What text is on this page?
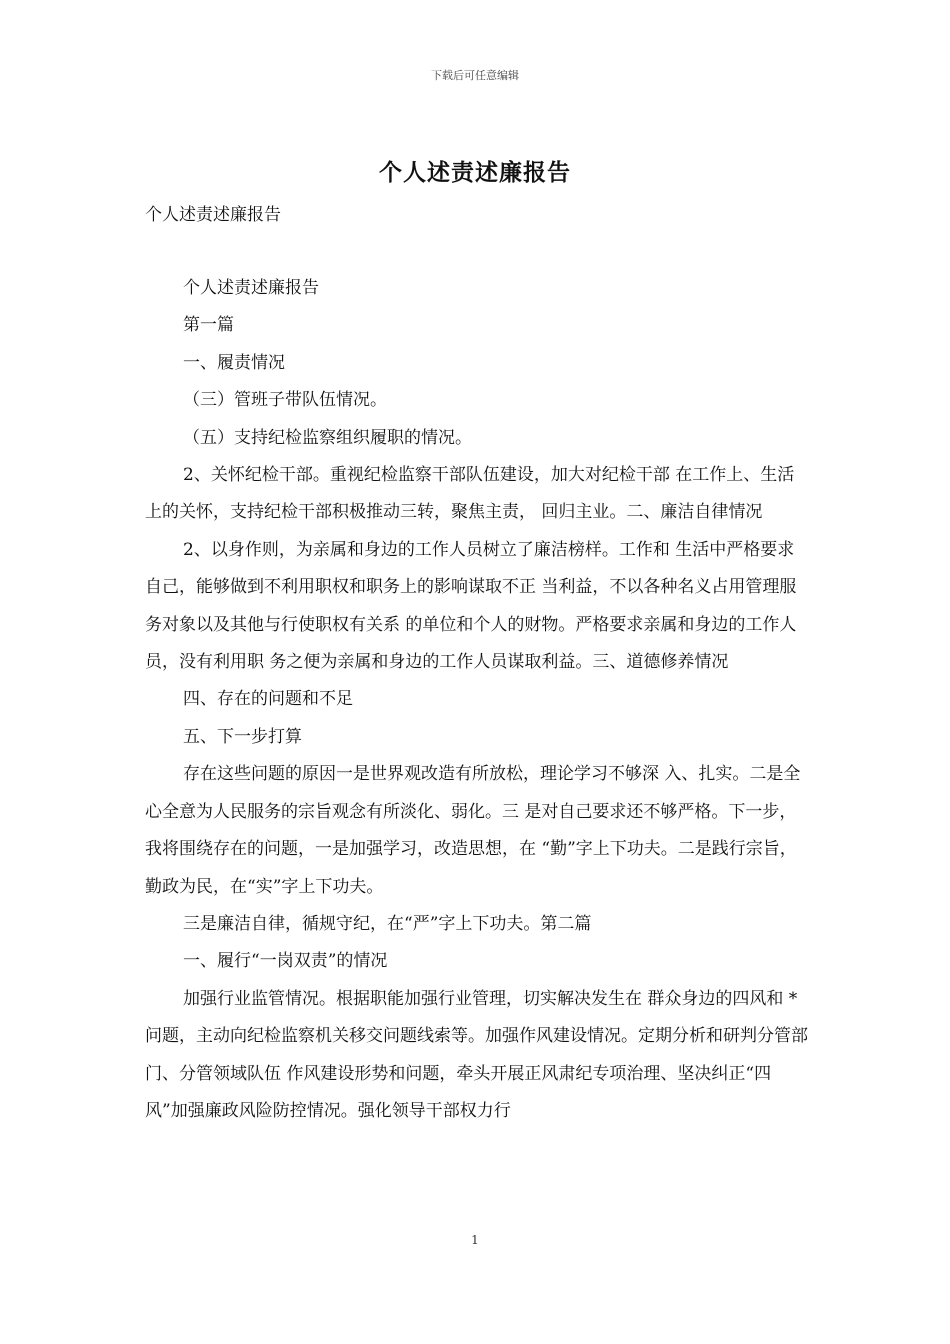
下载后可任意编辑
个人述责述廉报告
个人述责述廉报告

个人述责述廉报告

第一篇

一、履责情况

（三）管班子带队伍情况。

（五）支持纪检监察组织履职的情况。

2、关怀纪检干部。重视纪检监察干部队伍建设，加大对纪检干部 在工作上、生活上的关怀，支持纪检干部积极推动三转，聚焦主责， 回归主业。二、廉洁自律情况

2、以身作则，为亲属和身边的工作人员树立了廉洁榜样。工作和 生活中严格要求自己，能够做到不利用职权和职务上的影响谋取不正 当利益，不以各种名义占用管理服务对象以及其他与行使职权有关系 的单位和个人的财物。严格要求亲属和身边的工作人员，没有利用职 务之便为亲属和身边的工作人员谋取利益。三、道德修养情况

四、存在的问题和不足

五、下一步打算

存在这些问题的原因一是世界观改造有所放松，理论学习不够深 入、扎实。二是全心全意为人民服务的宗旨观念有所淡化、弱化。三 是对自己要求还不够严格。下一步，我将围绕存在的问题，一是加强学习，改造思想，在 “勤”字上下功夫。二是践行宗旨，勤政为民，在“实”字上下功夫。

三是廉洁自律，循规守纪，在“严”字上下功夫。第二篇

一、履行“一岗双责”的情况

加强行业监管情况。根据职能加强行业管理，切实解决发生在 群众身边的四风和 * 问题，主动向纪检监察机关移交问题线索等。加强作风建设情况。定期分析和研判分管部门、分管领域队伍 作风建设形势和问题，牵头开展正风肃纪专项治理、坚决纠正“四风”加强廉政风险防控情况。强化领导干部权力行

1
